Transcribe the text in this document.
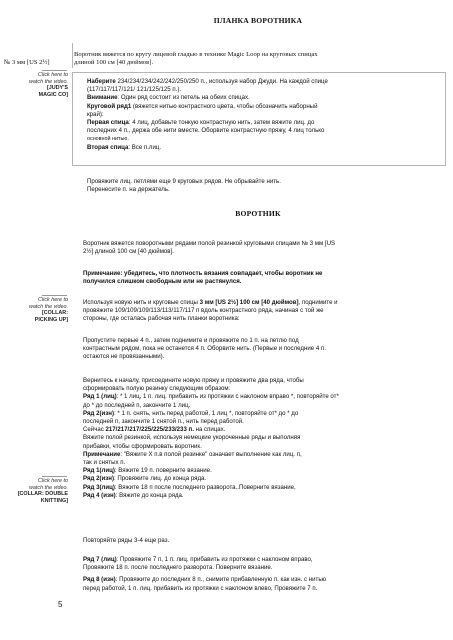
Click here to
watch the video.
[JUDY'S
MAGIC CO]
Click here to
watch the video.
[COLLAR:
PICKING UP]
Click here to
watch the video.
[COLLAR: DOUBLE
KNITTING]
ПЛАНКА ВОРОТНИКА
Воротник вяжется по кругу лицевой гладью в технике Magic Loop на круговых спицах
№ 3 мм [US 2½]	длиной 100 см [40 дюймов].
Наберите 234/234/234/242/242/250/250 п., используя набор Джуди. На каждой спице
(117/117/117/121/ 121/125/125 п.).
Внимание: Один ряд состоит из петель на обеих спицах.
Круговой ряд1 (вяжется нитью контрастного цвета, чтобы обозначить наборный
край):
Первая спица: 4 лиц, добавьте тонкую контрастную нить, затем вяжите лиц. до
последних 4 п., держа обе нити вместе. Оборвите контрастную пряжу, 4 лиц только
основной нитью.
Вторая спица: Все п.лиц.
Провяжите лиц. петлями еще 9 круговых рядов. Не обрывайте нить.
Перенесите п. на держатель.
ВОРОТНИК
Воротник вяжется поворотными рядами полой резинкой круговыми спицами № 3 мм [US
2½] длиной 100 см [40 дюймов].
Примечание: убедитесь, что плотность вязания совпадает, чтобы воротник не
получился слишком свободным или не растянулся.
Используя новую нить и круговые спицы 3 мм [US 2½] 100 см [40 дюймов], поднимите и
провяжите 109/109/109/113/113/117/117 п вдоль контрастного ряда, начиная с той же
стороны, где осталась рабочая нить планки воротника:
Пропустите первые 4 п., затем поднимите и провяжите по 1 п. на петлю под
контрастным рядом, пока не останется 4 п. Оборвите нить. (Первые и последние 4 п.
остаются не провязанными).
Вернитесь к началу, присоедините новую пряжу и провяжите два ряда, чтобы
сформировать полую резинку следующим образом:
Ряд 1 (лиц): * 1 лиц, 1 п. лиц. прибавить из протяжки с наклоном вправо *, повторяйте от*
до * до последней п, закончите 1 лиц.
Ряд 2(изн): * 1 п. снять, нить перед работой, 1 лиц *, повторяйте от* до * до
последней п, закончите 1 снятой п., нить перед работой.
Сейчас 217/217/217/225/225/233/233 п. на спицах.
Вяжите полой резинкой, используя немецкие укороченные ряды и выполняя
прибавки, чтобы сформировать воротник.
Примечание: "Вяжите Х п.в полой резинке" означает выполнение как лиц. п,
так и снятых п.
Ряд 1(лиц): Вяжите 19 п. поверните вязание.
Ряд 2(изн): Провяжите лиц. до конца ряда.
Ряд 3(лиц): Вяжите 18 п после последнего разворота..Поверните вязание,
Ряд 4 (изн): Вяжите до конца ряда.
Повторяйте ряды 3-4 еще раз.
Ряд 7 (лиц): Провяжите 7 п, 1 п. лиц. прибавить из протяжки с наклоном вправо,
Провяжите 18 п. после последнего разворота. Поверните вязание.
Ряд 8 (изн): Провяжите до последних 8 п., снимите прибавленную п. как изн. с нитью
перед работой, 1 п. лиц. прибавить из протяжки с наклоном влево, Провяжите 7 п.
5
